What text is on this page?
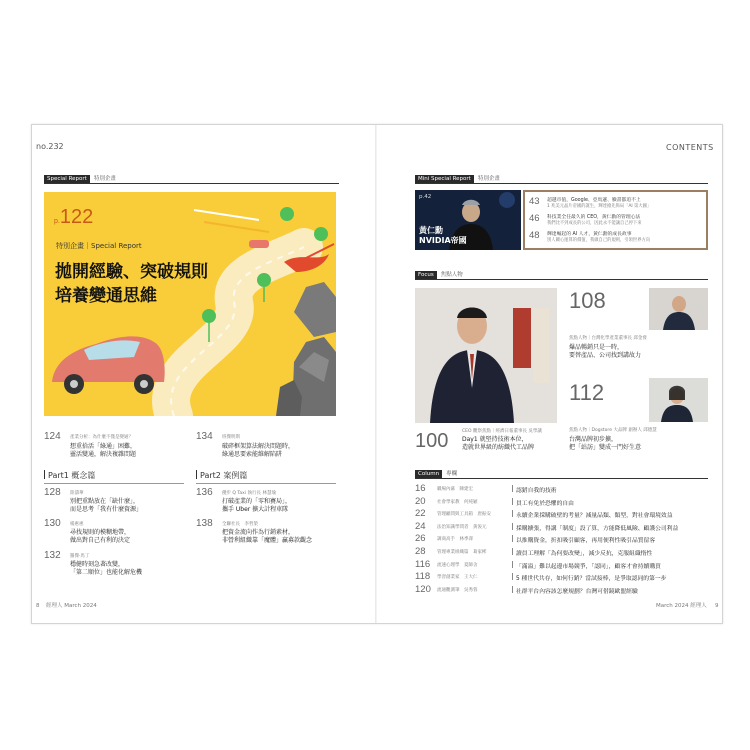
no.232
Special Report	特別企畫
p.122
特別企畫｜Special Report
拋開經驗、突破規則
培養變通思維
124 產業分析：為什麼不僅是變通？
想重拾活「綠通」困難，
靈活變通，解決複雜問題
Part1 概念篇
128 陸濤華
別把重點放在「缺什麼」，
而是思考「我有什麼資源」
130 楊惠惠
尋找規則的模糊地帶，
做出對自己有利的決定
132 羅傑·馬丁
穩健時刻急著改變，
「第二順位」也能化解危機
134 班傑明斯
破碎框架算法解決問題時，
綠通思要索能維解陷阱
Part2 案例篇
136 優步 Q Taxi 執行長 林慧瑜
打破產業的「零和賽局」，
攜手 Uber 擴大計程車隊
138 全聯社長　李哲榮
把資金流向作為行銷素材，
非營利組織靠「魔體」贏募款觀念
8 經理人 March 2024
CONTENTS
Mini Special Report	特別企畫
p.42
黃仁勳
NVIDIA帝國
43 超越市值，Google、亞馬遜、臉書都追不上
1 兆美元晶片帝國的誕生，輝達搶先佈局「AI 第大國」
46 科技業全任最久的 CEO，黃仁勳的管理心法
我們比不到成長的公司，因此永不能讓自己停下來
48 輝達崛起的 AI 人才，黃仁勳的成長故事
別人關心運算的價值，我做自己的規則，引領世界方向
Focus	焦點人物
100	CEO 觀察焦點｜經濟日報董事長 吳學讓
Day1 就堅持技術本位，
造就世界級的紡織代工品牌
108
焦點人物｜台灣化學產業董事長 邱金發
爆品暢銷只是一時，
要替產品、公司找到講故力
112
焦點人物｜Dogstore 大品牌 創辦人 邱德慧
台灣品牌初步擴，
把「站訪」變成一門好生意
Column	專欄
16	職場內幕　陳建宏	認錯自我的技術
20	社會學家教　何純穎	員工有免於恐懼的自由
22	管理顧問與工具箱　唐振安	永續企業採購破壁的考量？減量品類、類型，對社會環境效益
24	法治知識學問者　黃浚元	採購擴張，得講「制度」設了算，方能降低風險、顧護公司利益
26	調商高手　林季澤	以推購資金，折扣吸引顧客，再用便利性吸引品質留客
28	管理專業組織篇　葛家彬	讀員工理解「為何要改變」，減少反抗，克服組織惰性
116 流速心理學　夏師舍	「滿溢」難以起邊市場競爭，「認同」，顧客才會持續購買
118 學習創業家　王大仁	5 種世代共存，如何行銷？當試接棒，是爭取認同的第一步
120 流通觀測筆　吳秀蓉	社群平台內容該怎麼規劃？台灣可借鏡歐盟經驗
March 2024 經理人 9
